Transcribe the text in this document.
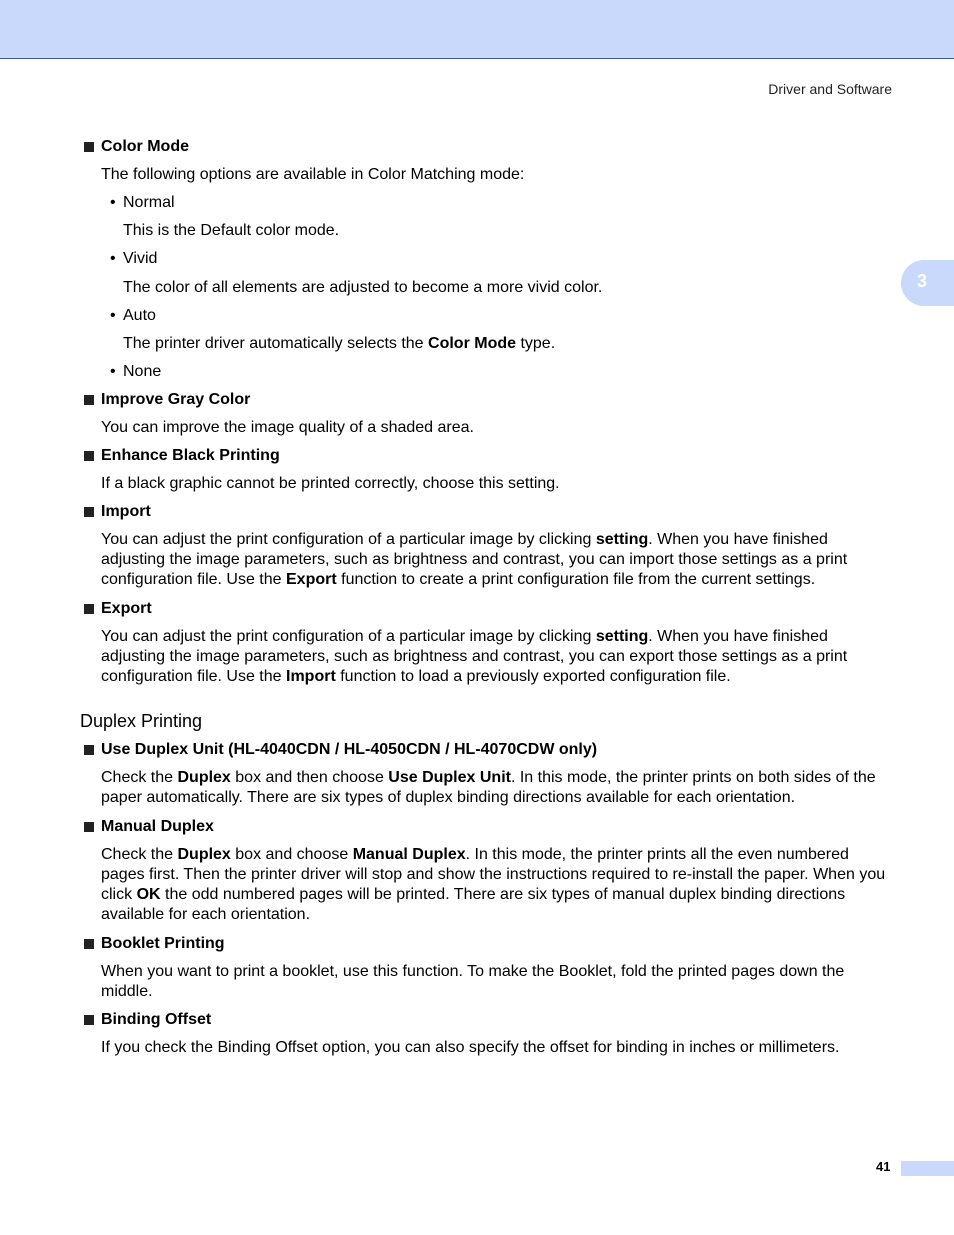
Driver and Software
3
Color Mode
The following options are available in Color Matching mode:
• Normal
This is the Default color mode.
• Vivid
The color of all elements are adjusted to become a more vivid color.
• Auto
The printer driver automatically selects the Color Mode type.
• None
Improve Gray Color
You can improve the image quality of a shaded area.
Enhance Black Printing
If a black graphic cannot be printed correctly, choose this setting.
Import
You can adjust the print configuration of a particular image by clicking setting. When you have finished adjusting the image parameters, such as brightness and contrast, you can import those settings as a print configuration file. Use the Export function to create a print configuration file from the current settings.
Export
You can adjust the print configuration of a particular image by clicking setting. When you have finished adjusting the image parameters, such as brightness and contrast, you can export those settings as a print configuration file. Use the Import function to load a previously exported configuration file.
Duplex Printing
Use Duplex Unit (HL-4040CDN / HL-4050CDN / HL-4070CDW only)
Check the Duplex box and then choose Use Duplex Unit. In this mode, the printer prints on both sides of the paper automatically. There are six types of duplex binding directions available for each orientation.
Manual Duplex
Check the Duplex box and choose Manual Duplex. In this mode, the printer prints all the even numbered pages first. Then the printer driver will stop and show the instructions required to re-install the paper. When you click OK the odd numbered pages will be printed. There are six types of manual duplex binding directions available for each orientation.
Booklet Printing
When you want to print a booklet, use this function. To make the Booklet, fold the printed pages down the middle.
Binding Offset
If you check the Binding Offset option, you can also specify the offset for binding in inches or millimeters.
41
